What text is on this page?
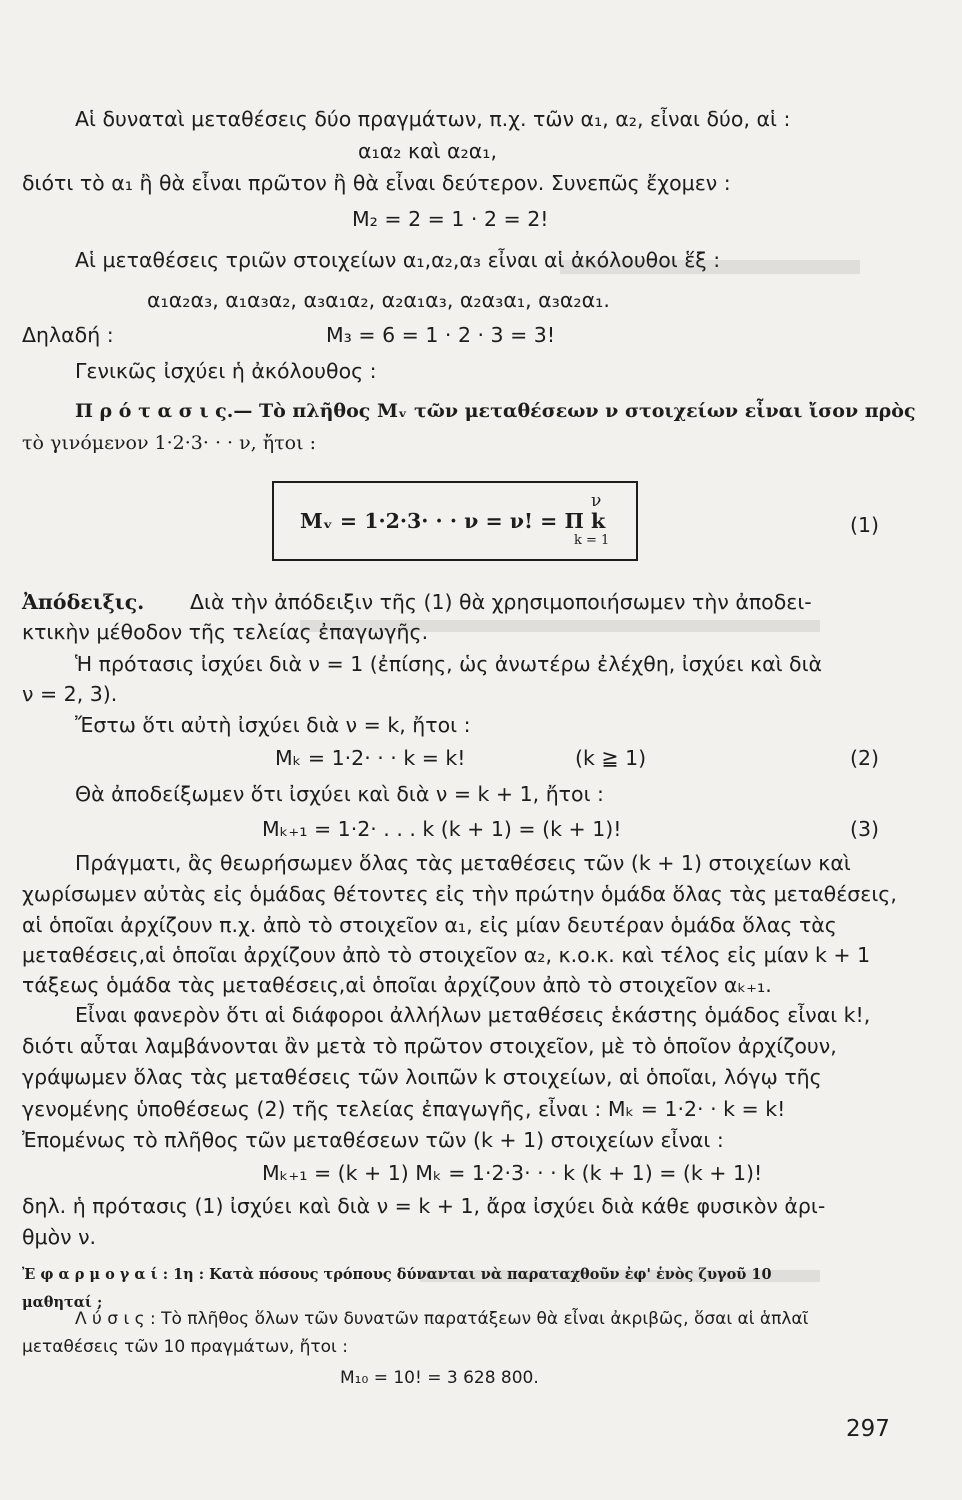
Αἱ δυναταὶ μεταθέσεις δύο πραγμάτων, π.χ. τῶν α₁, α₂, εἶναι δύο, αἱ :
α₁α₂ καὶ α₂α₁,
διότι τὸ α₁ ἢ θὰ εἶναι πρῶτον ἢ θὰ εἶναι δεύτερον. Συνεπῶς ἔχομεν :
M₂ = 2 = 1 · 2 = 2!
Αἱ μεταθέσεις τριῶν στοιχείων α₁,α₂,α₃ εἶναι αἱ ἀκόλουθοι ἕξ :
α₁α₂α₃, α₁α₃α₂, α₃α₁α₂, α₂α₁α₃, α₂α₃α₁, α₃α₂α₁.
Δηλαδή :	M₃ = 6 = 1 · 2 · 3 = 3!
Γενικῶς ἰσχύει ἡ ἀκόλουθος :
Π ρ ό τ α σ ι ς.— Τὸ πλῆθος Mᵥ τῶν μεταθέσεων ν στοιχείων εἶναι ἴσον πρὸς
τὸ γινόμενον 1·2·3· · · ν, ἤτοι :
Mᵥ = 1·2·3· · · ν = ν! = Π k
ν
k = 1
(1)
Ἀπόδειξις. Διὰ τὴν ἀπόδειξιν τῆς (1) θὰ χρησιμοποιήσωμεν τὴν ἀποδει-
κτικὴν μέθοδον τῆς τελείας ἐπαγωγῆς.
Ἡ πρότασις ἰσχύει διὰ ν = 1 (ἐπίσης, ὡς ἀνωτέρω ἐλέχθη, ἰσχύει καὶ διὰ
ν = 2, 3).
Ἔστω ὅτι αὐτὴ ἰσχύει διὰ ν = k, ἤτοι :
Mₖ = 1·2· · · k = k!	(k ≧ 1)	(2)
Θὰ ἀποδείξωμεν ὅτι ἰσχύει καὶ διὰ ν = k + 1, ἤτοι :
Mₖ₊₁ = 1·2· . . . k (k + 1) = (k + 1)!	(3)
Πράγματι, ἂς θεωρήσωμεν ὅλας τὰς μεταθέσεις τῶν (k + 1) στοιχείων καὶ
χωρίσωμεν αὐτὰς εἰς ὁμάδας θέτοντες εἰς τὴν πρώτην ὁμάδα ὅλας τὰς μεταθέσεις,
αἱ ὁποῖαι ἀρχίζουν π.χ. ἀπὸ τὸ στοιχεῖον α₁, εἰς μίαν δευτέραν ὁμάδα ὅλας τὰς
μεταθέσεις,αἱ ὁποῖαι ἀρχίζουν ἀπὸ τὸ στοιχεῖον α₂, κ.ο.κ. καὶ τέλος εἰς μίαν k + 1
τάξεως ὁμάδα τὰς μεταθέσεις,αἱ ὁποῖαι ἀρχίζουν ἀπὸ τὸ στοιχεῖον αₖ₊₁.
Εἶναι φανερὸν ὅτι αἱ διάφοροι ἀλλήλων μεταθέσεις ἑκάστης ὁμάδος εἶναι k!,
διότι αὗται λαμβάνονται ἂν μετὰ τὸ πρῶτον στοιχεῖον, μὲ τὸ ὁποῖον ἀρχίζουν,
γράψωμεν ὅλας τὰς μεταθέσεις τῶν λοιπῶν k στοιχείων, αἱ ὁποῖαι, λόγῳ τῆς
γενομένης ὑποθέσεως (2) τῆς τελείας ἐπαγωγῆς, εἶναι : Mₖ = 1·2· · k = k!
Ἐπομένως τὸ πλῆθος τῶν μεταθέσεων τῶν (k + 1) στοιχείων εἶναι :
Mₖ₊₁ = (k + 1) Mₖ = 1·2·3· · · k (k + 1) = (k + 1)!
δηλ. ἡ πρότασις (1) ἰσχύει καὶ διὰ ν = k + 1, ἄρα ἰσχύει διὰ κάθε φυσικὸν ἀρι-
θμὸν ν.
Ἐ φ α ρ μ ο γ α ί : 1η : Κατὰ πόσους τρόπους δύνανται νὰ παραταχθοῦν ἐφ' ἑνὸς ζυγοῦ 10
μαθηταί ;
Λ ύ σ ι ς : Τὸ πλῆθος ὅλων τῶν δυνατῶν παρατάξεων θὰ εἶναι ἀκριβῶς, ὅσαι αἱ ἁπλαῖ
μεταθέσεις τῶν 10 πραγμάτων, ἤτοι :
M₁₀ = 10! = 3 628 800.
297
